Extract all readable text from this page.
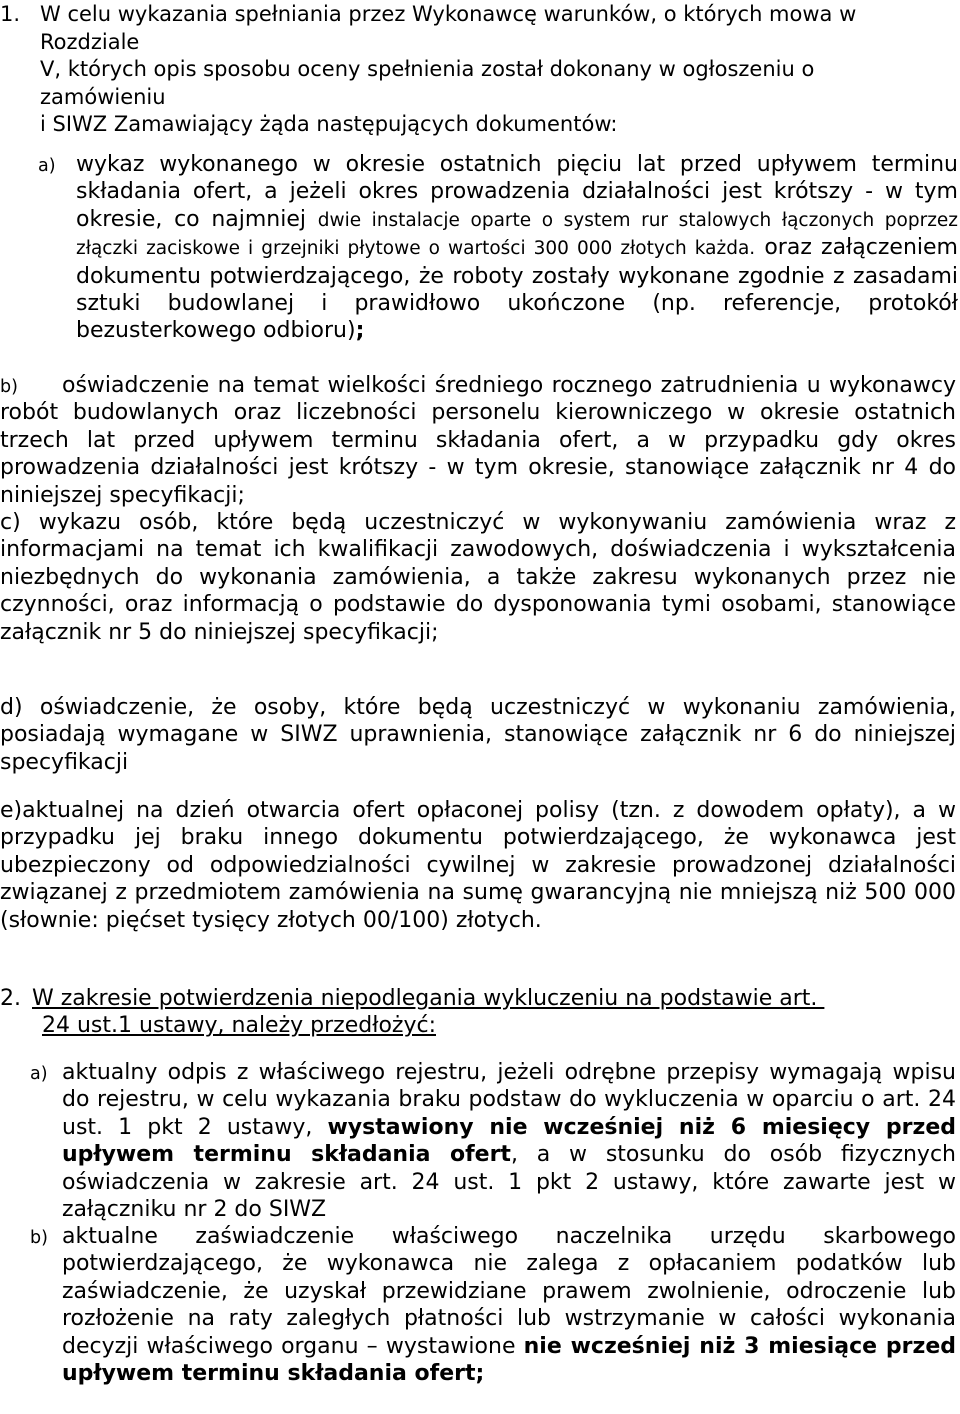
1. W celu wykazania spełniania przez Wykonawcę warunków, o których mowa w

Rozdziale

V, których opis sposobu oceny spełnienia został dokonany w ogłoszeniu o

zamówieniu

i SIWZ Zamawiający żąda następujących dokumentów:

a) wykaz wykonanego w okresie ostatnich pięciu lat przed upływem terminu składania ofert, a jeżeli okres prowadzenia działalności jest krótszy - w tym okresie, co najmniej dwie instalacje oparte o system rur stalowych łączonych poprzez złączki zaciskowe i grzejniki płytowe o wartości 300 000 złotych każda. oraz załączeniem dokumentu potwierdzającego, że roboty zostały wykonane zgodnie z zasadami sztuki budowlanej i prawidłowo ukończone (np. referencje, protokół bezusterkowego odbioru);

b)	oświadczenie na temat wielkości średniego rocznego zatrudnienia u wykonawcy robót budowlanych oraz liczebności personelu kierowniczego w okresie ostatnich trzech lat przed upływem terminu składania ofert, a w przypadku gdy okres prowadzenia działalności jest krótszy - w tym okresie, stanowiące załącznik nr 4 do niniejszej specyfikacji;

c) wykazu osób, które będą uczestniczyć w wykonywaniu zamówienia wraz z informacjami na temat ich kwalifikacji zawodowych, doświadczenia i wykształcenia niezbędnych do wykonania zamówienia, a także zakresu wykonanych przez nie czynności, oraz informacją o podstawie do dysponowania tymi osobami, stanowiące załącznik nr 5 do niniejszej specyfikacji;

d) oświadczenie, że osoby, które będą uczestniczyć w wykonaniu zamówienia, posiadają wymagane w SIWZ uprawnienia, stanowiące załącznik nr 6 do niniejszej specyfikacji

e)aktualnej na dzień otwarcia ofert opłaconej polisy (tzn. z dowodem opłaty), a w przypadku jej braku innego dokumentu potwierdzającego, że wykonawca jest ubezpieczony od odpowiedzialności cywilnej w zakresie prowadzonej działalności związanej z przedmiotem zamówienia na sumę gwarancyjną nie mniejszą niż 500 000 (słownie: pięćset tysięcy złotych 00/100) złotych.

2. W zakresie potwierdzenia niepodlegania wykluczeniu na podstawie art.

24 ust.1 ustawy, należy przedłożyć:

a) aktualny odpis z właściwego rejestru, jeżeli odrębne przepisy wymagają wpisu do rejestru, w celu wykazania braku podstaw do wykluczenia w oparciu o art. 24 ust. 1 pkt 2 ustawy, wystawiony nie wcześniej niż 6 miesięcy przed upływem terminu składania ofert, a w stosunku do osób fizycznych oświadczenia w zakresie art. 24 ust. 1 pkt 2 ustawy, które zawarte jest w załączniku nr 2 do SIWZ

b) aktualne zaświadczenie właściwego naczelnika urzędu skarbowego potwierdzającego, że wykonawca nie zalega z opłacaniem podatków lub zaświadczenie, że uzyskał przewidziane prawem zwolnienie, odroczenie lub rozłożenie na raty zaległych płatności lub wstrzymanie w całości wykonania decyzji właściwego organu – wystawione nie wcześniej niż 3 miesiące przed upływem terminu składania ofert;
